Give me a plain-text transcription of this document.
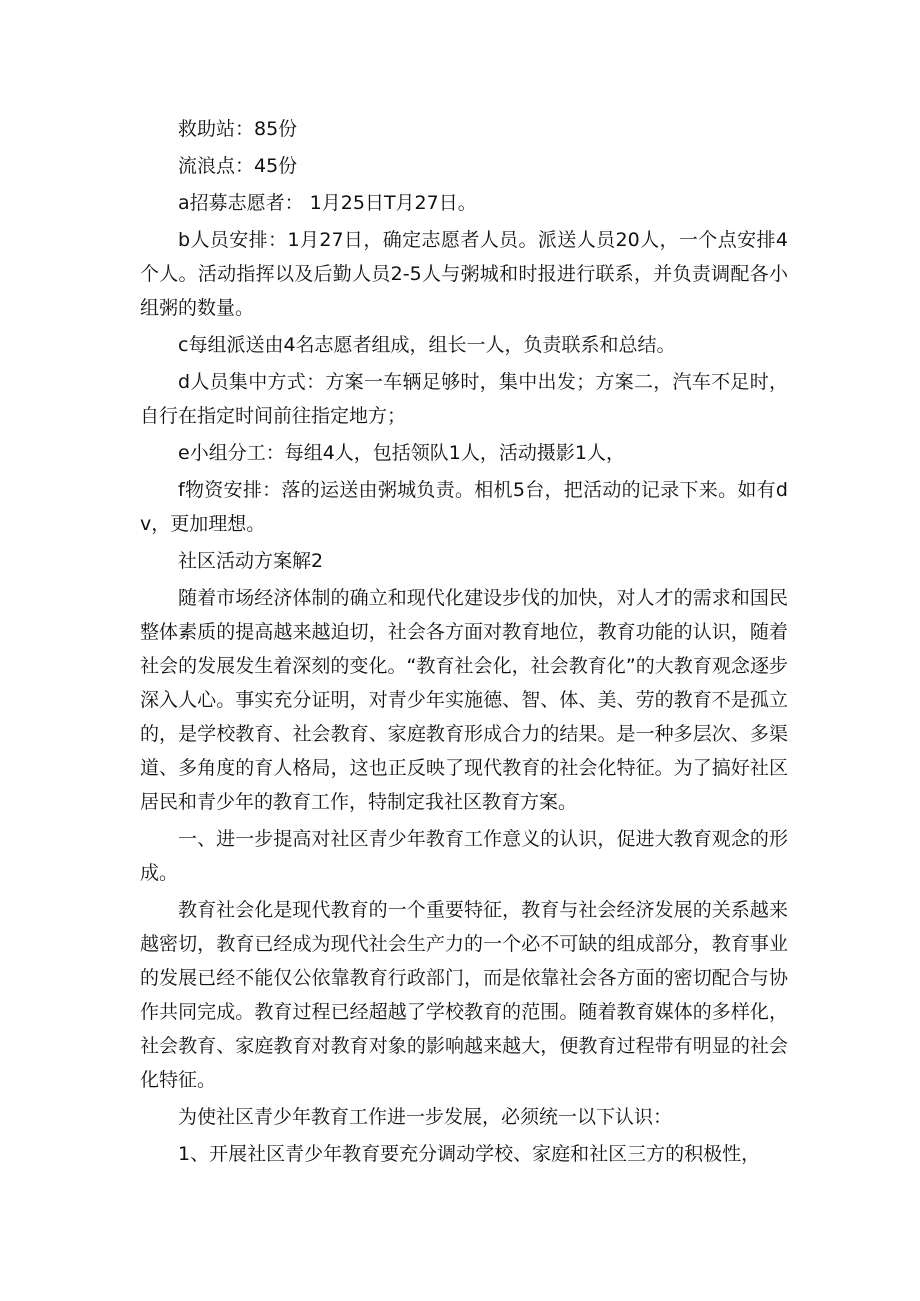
救助站：85份

流浪点：45份

a招募志愿者： 1月25日T月27日。

b人员安排：1月27日，确定志愿者人员。派送人员20人，一个点安排4个人。活动指挥以及后勤人员2-5人与粥城和时报进行联系，并负责调配各小组粥的数量。

c每组派送由4名志愿者组成，组长一人，负责联系和总结。

d人员集中方式：方案一车辆足够时，集中出发；方案二，汽车不足时，自行在指定时间前往指定地方；

e小组分工：每组4人，包括领队1人，活动摄影1人，

f物资安排：落的运送由粥城负责。相机5台，把活动的记录下来。如有dv，更加理想。

社区活动方案解2

随着市场经济体制的确立和现代化建设步伐的加快，对人才的需求和国民整体素质的提高越来越迫切，社会各方面对教育地位，教育功能的认识，随着社会的发展发生着深刻的变化。“教育社会化，社会教育化”的大教育观念逐步深入人心。事实充分证明，对青少年实施德、智、体、美、劳的教育不是孤立的，是学校教育、社会教育、家庭教育形成合力的结果。是一种多层次、多渠道、多角度的育人格局，这也正反映了现代教育的社会化特征。为了搞好社区居民和青少年的教育工作，特制定我社区教育方案。

一、进一步提高对社区青少年教育工作意义的认识，促进大教育观念的形成。

教育社会化是现代教育的一个重要特征，教育与社会经济发展的关系越来越密切，教育已经成为现代社会生产力的一个必不可缺的组成部分，教育事业的发展已经不能仅公依靠教育行政部门，而是依靠社会各方面的密切配合与协作共同完成。教育过程已经超越了学校教育的范围。随着教育媒体的多样化，社会教育、家庭教育对教育对象的影响越来越大，便教育过程带有明显的社会化特征。

为使社区青少年教育工作进一步发展，必须统一以下认识：

1、开展社区青少年教育要充分调动学校、家庭和社区三方的积极性，
